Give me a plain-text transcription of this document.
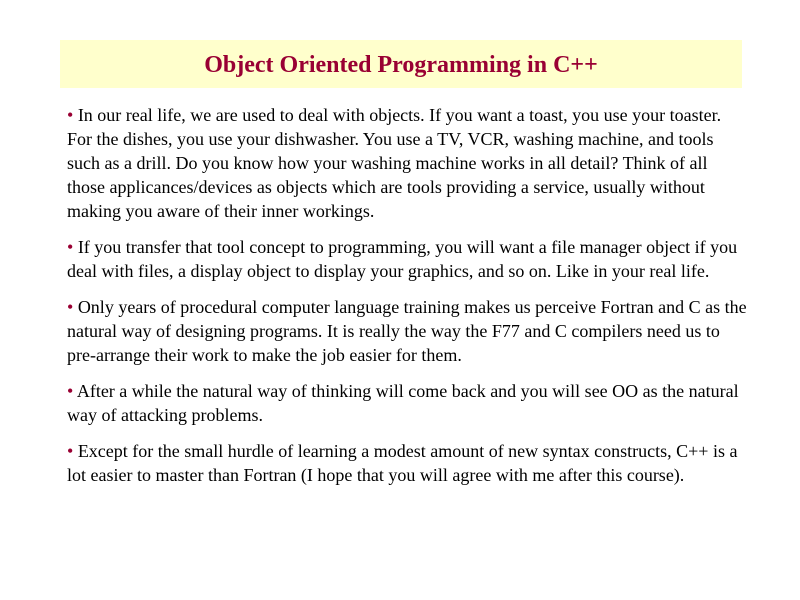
Object Oriented Programming in C++

• In our real life, we are used to deal with objects. If you want a toast, you use your toaster. For the dishes, you use your dishwasher. You use a TV, VCR, washing machine, and tools such as a drill. Do you know how your washing machine works in all detail? Think of all those applicances/devices as objects which are tools providing a service, usually without making you aware of their inner workings.

• If you transfer that tool concept to programming, you will want a file manager object if you deal with files, a display object to display your graphics, and so on. Like in your real life.

• Only years of procedural computer language training makes us perceive Fortran and C as the natural way of designing programs. It is really the way the F77 and C compilers need us to pre-arrange their work to make the job easier for them.

• After a while the natural way of thinking will come back and you will see OO as the natural way of attacking problems.

• Except for the small hurdle of learning a modest amount of new syntax constructs, C++ is a lot easier to master than Fortran (I hope that you will agree with me after this course).
